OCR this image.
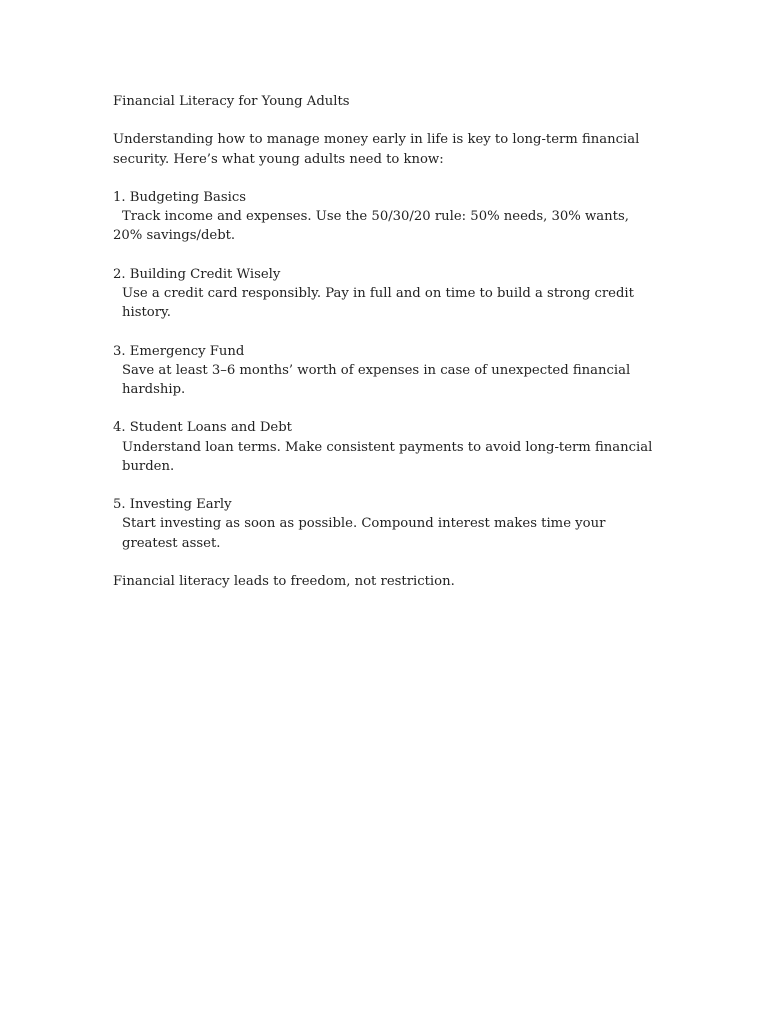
Financial Literacy for Young Adults

Understanding how to manage money early in life is key to long-term financial security. Here’s what young adults need to know:

1. Budgeting Basics

Track income and expenses. Use the 50/30/20 rule: 50% needs, 30% wants, 20% savings/debt.

2. Building Credit Wisely

Use a credit card responsibly. Pay in full and on time to build a strong credit history.

3. Emergency Fund

Save at least 3–6 months’ worth of expenses in case of unexpected financial hardship.

4. Student Loans and Debt

Understand loan terms. Make consistent payments to avoid long-term financial burden.

5. Investing Early

Start investing as soon as possible. Compound interest makes time your greatest asset.

Financial literacy leads to freedom, not restriction.
